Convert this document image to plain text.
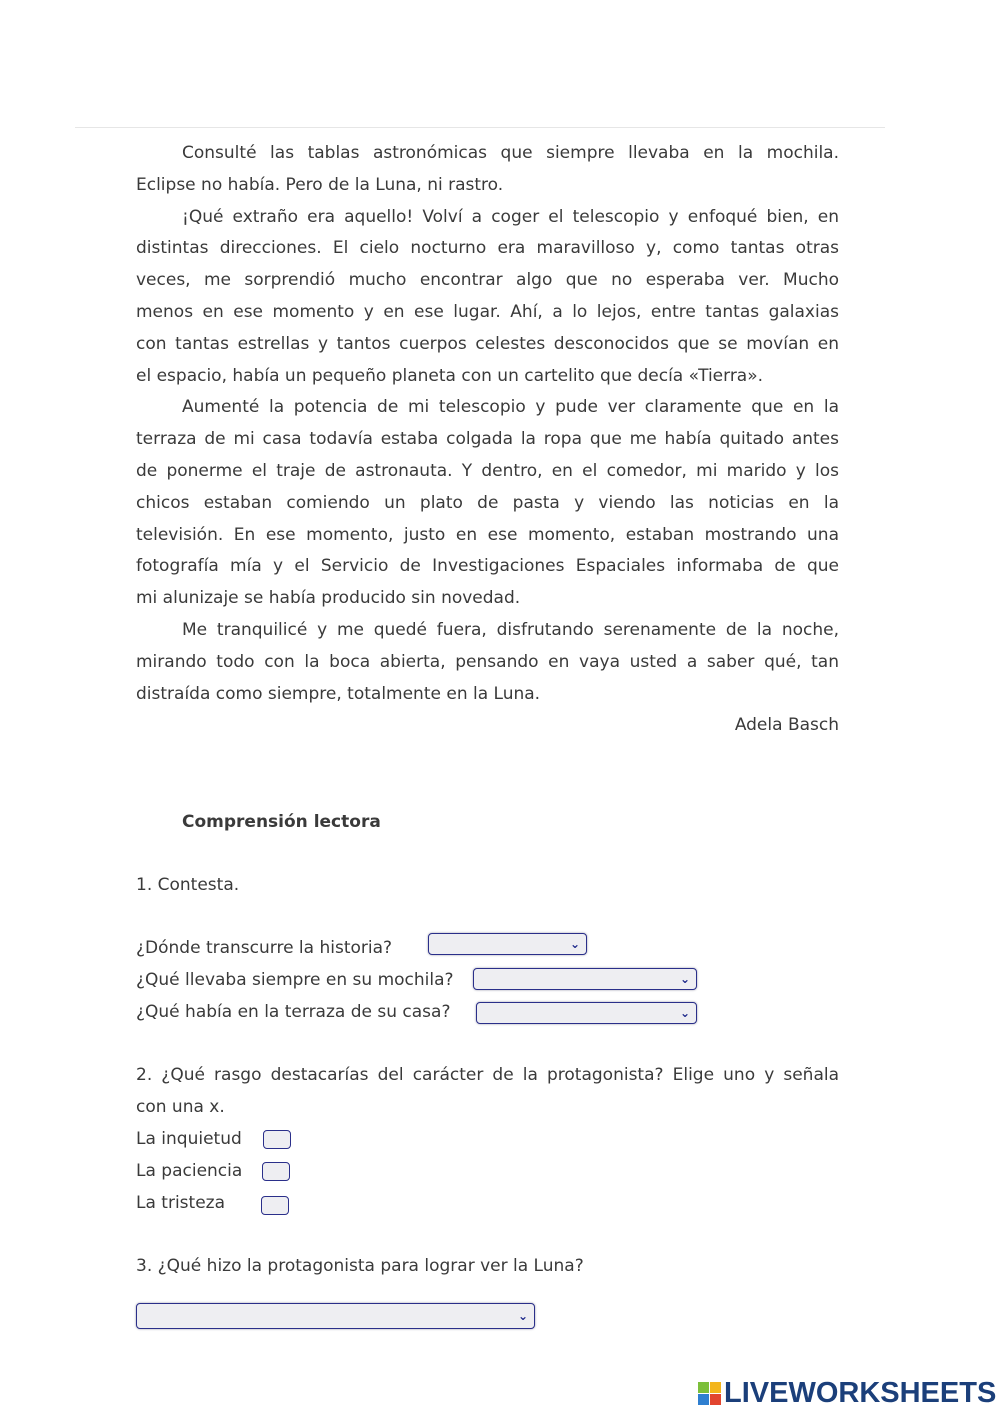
Consulté las tablas astronómicas que siempre llevaba en la mochila.
Eclipse no había. Pero de la Luna, ni rastro.
¡Qué extraño era aquello! Volví a coger el telescopio y enfoqué bien, en
distintas direcciones. El cielo nocturno era maravilloso y, como tantas otras
veces, me sorprendió mucho encontrar algo que no esperaba ver. Mucho
menos en ese momento y en ese lugar. Ahí, a lo lejos, entre tantas galaxias
con tantas estrellas y tantos cuerpos celestes desconocidos que se movían en
el espacio, había un pequeño planeta con un cartelito que decía «Tierra».
Aumenté la potencia de mi telescopio y pude ver claramente que en la
terraza de mi casa todavía estaba colgada la ropa que me había quitado antes
de ponerme el traje de astronauta. Y dentro, en el comedor, mi marido y los
chicos estaban comiendo un plato de pasta y viendo las noticias en la
televisión. En ese momento, justo en ese momento, estaban mostrando una
fotografía mía y el Servicio de Investigaciones Espaciales informaba de que
mi alunizaje se había producido sin novedad.
Me tranquilicé y me quedé fuera, disfrutando serenamente de la noche,
mirando todo con la boca abierta, pensando en vaya usted a saber qué, tan
distraída como siempre, totalmente en la Luna.
Adela Basch
Comprensión lectora
1. Contesta.
¿Dónde transcurre la historia?	⌄
¿Qué llevaba siempre en su mochila?	⌄
¿Qué había en la terraza de su casa?	⌄
2. ¿Qué rasgo destacarías del carácter de la protagonista? Elige uno y señala
con una x.
La inquietud
La paciencia
La tristeza
3. ¿Qué hizo la protagonista para lograr ver la Luna?
⌄
LIVEWORKSHEETS
